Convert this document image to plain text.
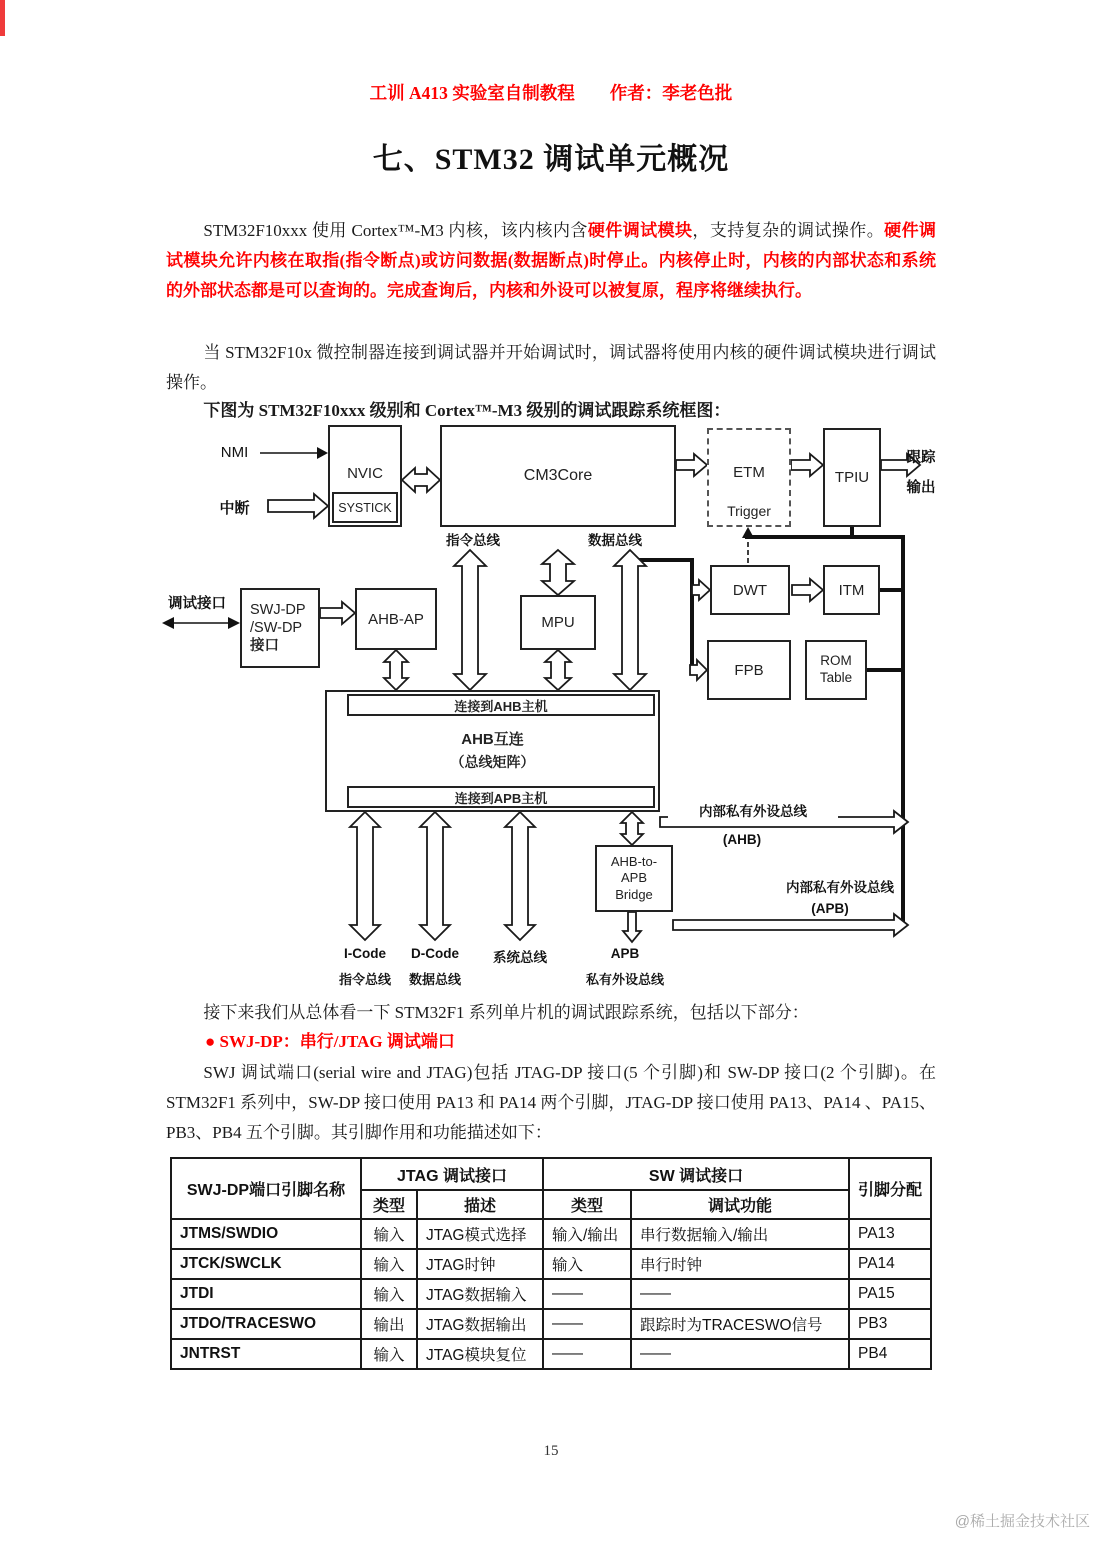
工训 A413 实验室自制教程　　作者：李老色批
七、STM32 调试单元概况
STM32F10xxx 使用 Cortex™-M3 内核，该内核内含硬件调试模块，支持复杂的调试操作。硬件调试模块允许内核在取指(指令断点)或访问数据(数据断点)时停止。内核停止时，内核的内部状态和系统的外部状态都是可以查询的。完成查询后，内核和外设可以被复原，程序将继续执行。
当 STM32F10x 微控制器连接到调试器并开始调试时，调试器将使用内核的硬件调试模块进行调试操作。
下图为 STM32F10xxx 级别和 Cortex™-M3 级别的调试跟踪系统框图：
NVIC
SYSTICK
CM3Core	ETM
Trigger
TPIU
DWT	ITM
MPU
FPB
ROM
Table
SWJ-DP
/SW-DP
接口
AHB-AP
连接到AHB主机
AHB互连
（总线矩阵）
连接到APB主机
AHB-to-
APB
Bridge
NMI
中断
跟踪
输出
指令总线	数据总线
调试接口
内部私有外设总线
(AHB)
内部私有外设总线
(APB)
I-Code
指令总线
D-Code
数据总线
系统总线	APB
私有外设总线
接下来我们从总体看一下 STM32F1 系列单片机的调试跟踪系统，包括以下部分：
● SWJ-DP：串行/JTAG 调试端口
SWJ 调试端口(serial wire and JTAG)包括 JTAG-DP 接口(5 个引脚)和 SW-DP 接口(2 个引脚)。在 STM32F1 系列中，SW-DP 接口使用 PA13 和 PA14 两个引脚，JTAG-DP 接口使用 PA13、PA14 、PA15、PB3、PB4 五个引脚。其引脚作用和功能描述如下：
SWJ-DP端口引脚名称	JTAG 调试接口		SW 调试接口		引脚分配
	类型	描述	类型	调试功能	
JTMS/SWDIO	输入	JTAG模式选择	输入/输出	串行数据输入/输出	PA13
JTCK/SWCLK	输入	JTAG时钟	输入	串行时钟	PA14
JTDI	输入	JTAG数据输入	——	——	PA15
JTDO/TRACESWO	输出	JTAG数据输出	——	跟踪时为TRACESWO信号	PB3
JNTRST	输入	JTAG模块复位	——	——	PB4
15
@稀土掘金技术社区
